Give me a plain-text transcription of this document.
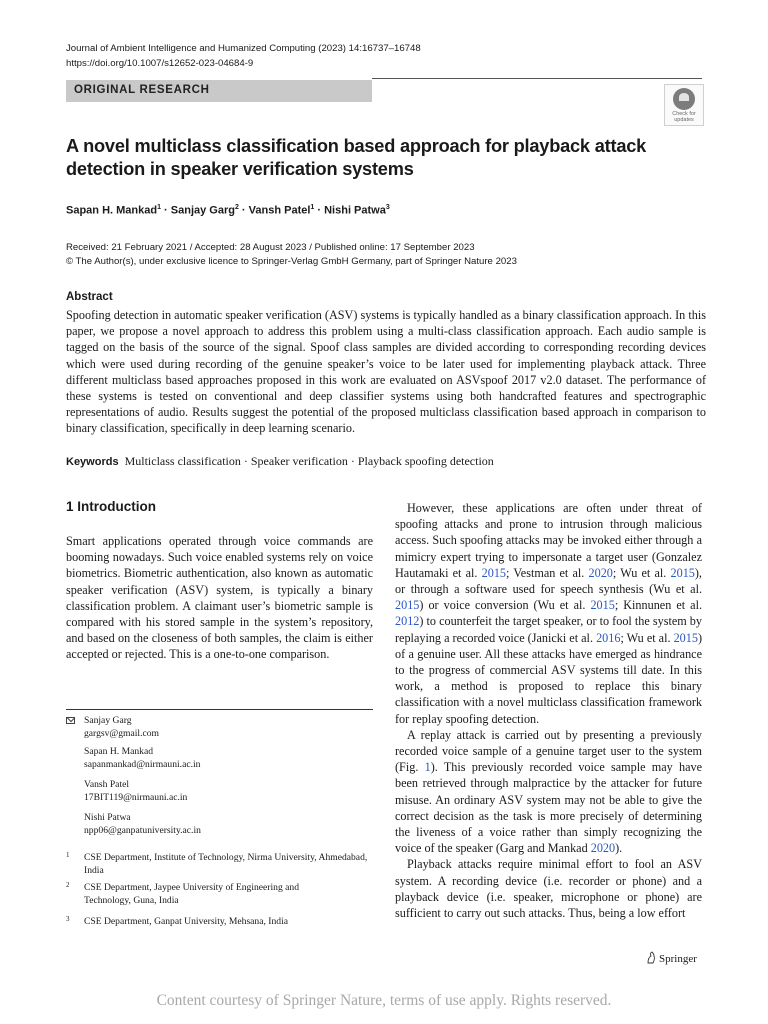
Journal of Ambient Intelligence and Humanized Computing (2023) 14:16737–16748
https://doi.org/10.1007/s12652-023-04684-9
ORIGINAL RESEARCH
Check for updates
A novel multiclass classification based approach for playback attack detection in speaker verification systems
Sapan H. Mankad$^1$ · Sanjay Garg$^2$ · Vansh Patel$^1$ · Nishi Patwa$^3$
Received: 21 February 2021 / Accepted: 28 August 2023 / Published online: 17 September 2023
© The Author(s), under exclusive licence to Springer-Verlag GmbH Germany, part of Springer Nature 2023
Abstract
Spoofing detection in automatic speaker verification (ASV) systems is typically handled as a binary classification approach. In this paper, we propose a novel approach to address this problem using a multi-class classification approach. Each audio sample is tagged on the basis of the source of the signal. Spoof class samples are divided according to corresponding recording devices which were used during recording of the genuine speaker’s voice to be later used for implementing playback attack. Three different multiclass based approaches proposed in this work are evaluated on ASVspoof 2017 v2.0 dataset. The performance of these systems is tested on conventional and deep classifier systems using both handcrafted features and spectrographic representations of audio. Results suggest the potential of the proposed multiclass classification based approach in comparison to binary classification, specifically in deep learning scenario.
Keywords Multiclass classification · Speaker verification · Playback spoofing detection
1 Introduction
Smart applications operated through voice commands are booming nowadays. Such voice enabled systems rely on voice biometrics. Biometric authentication, also known as automatic speaker verification (ASV) system, is typically a binary classification problem. A claimant user’s biometric sample is compared with his stored sample in the system’s repository, and based on the closeness of both samples, the claim is either accepted or rejected. This is a one-to-one comparison.

However, these applications are often under threat of spoofing attacks and prone to intrusion through malicious access. Such spoofing attacks may be invoked either through a mimicry expert trying to impersonate a target user (Gonzalez Hautamaki et al. 2015; Vestman et al. 2020; Wu et al. 2015), or through a software used for speech synthesis (Wu et al. 2015) or voice conversion (Wu et al. 2015; Kinnunen et al. 2012) to counterfeit the target speaker, or to fool the system by replaying a recorded voice (Janicki et al. 2016; Wu et al. 2015) of a genuine user. All these attacks have emerged as hindrance to the progress of commercial ASV systems till date. In this work, a method is proposed to replace this binary classification with a novel multiclass classification framework for replay spoofing detection.

A replay attack is carried out by presenting a previously recorded voice sample of a genuine target user to the system (Fig. 1). This previously recorded voice sample may have been retrieved through malpractice by the attacker for future misuse. An ordinary ASV system may not be able to give the correct decision as the task is more precisely of determining the liveness of a voice rather than simply recognizing the voice of the speaker (Garg and Mankad 2020).

Playback attacks require minimal effort to fool an ASV system. A recording device (i.e. recorder or phone) and a playback device (i.e. speaker, microphone or phone) are sufficient to carry out such attacks. Thus, being a low effort

Sanjay Garg
gargsv@gmail.com
Sapan H. Mankad
sapanmankad@nirmauni.ac.in
Vansh Patel
17BIT119@nirmauni.ac.in
Nishi Patwa
npp06@ganpatuniversity.ac.in
1 CSE Department, Institute of Technology, Nirma University, Ahmedabad, India
2 CSE Department, Jaypee University of Engineering and Technology, Guna, India
3 CSE Department, Ganpat University, Mehsana, India
Springer
Content courtesy of Springer Nature, terms of use apply. Rights reserved.
